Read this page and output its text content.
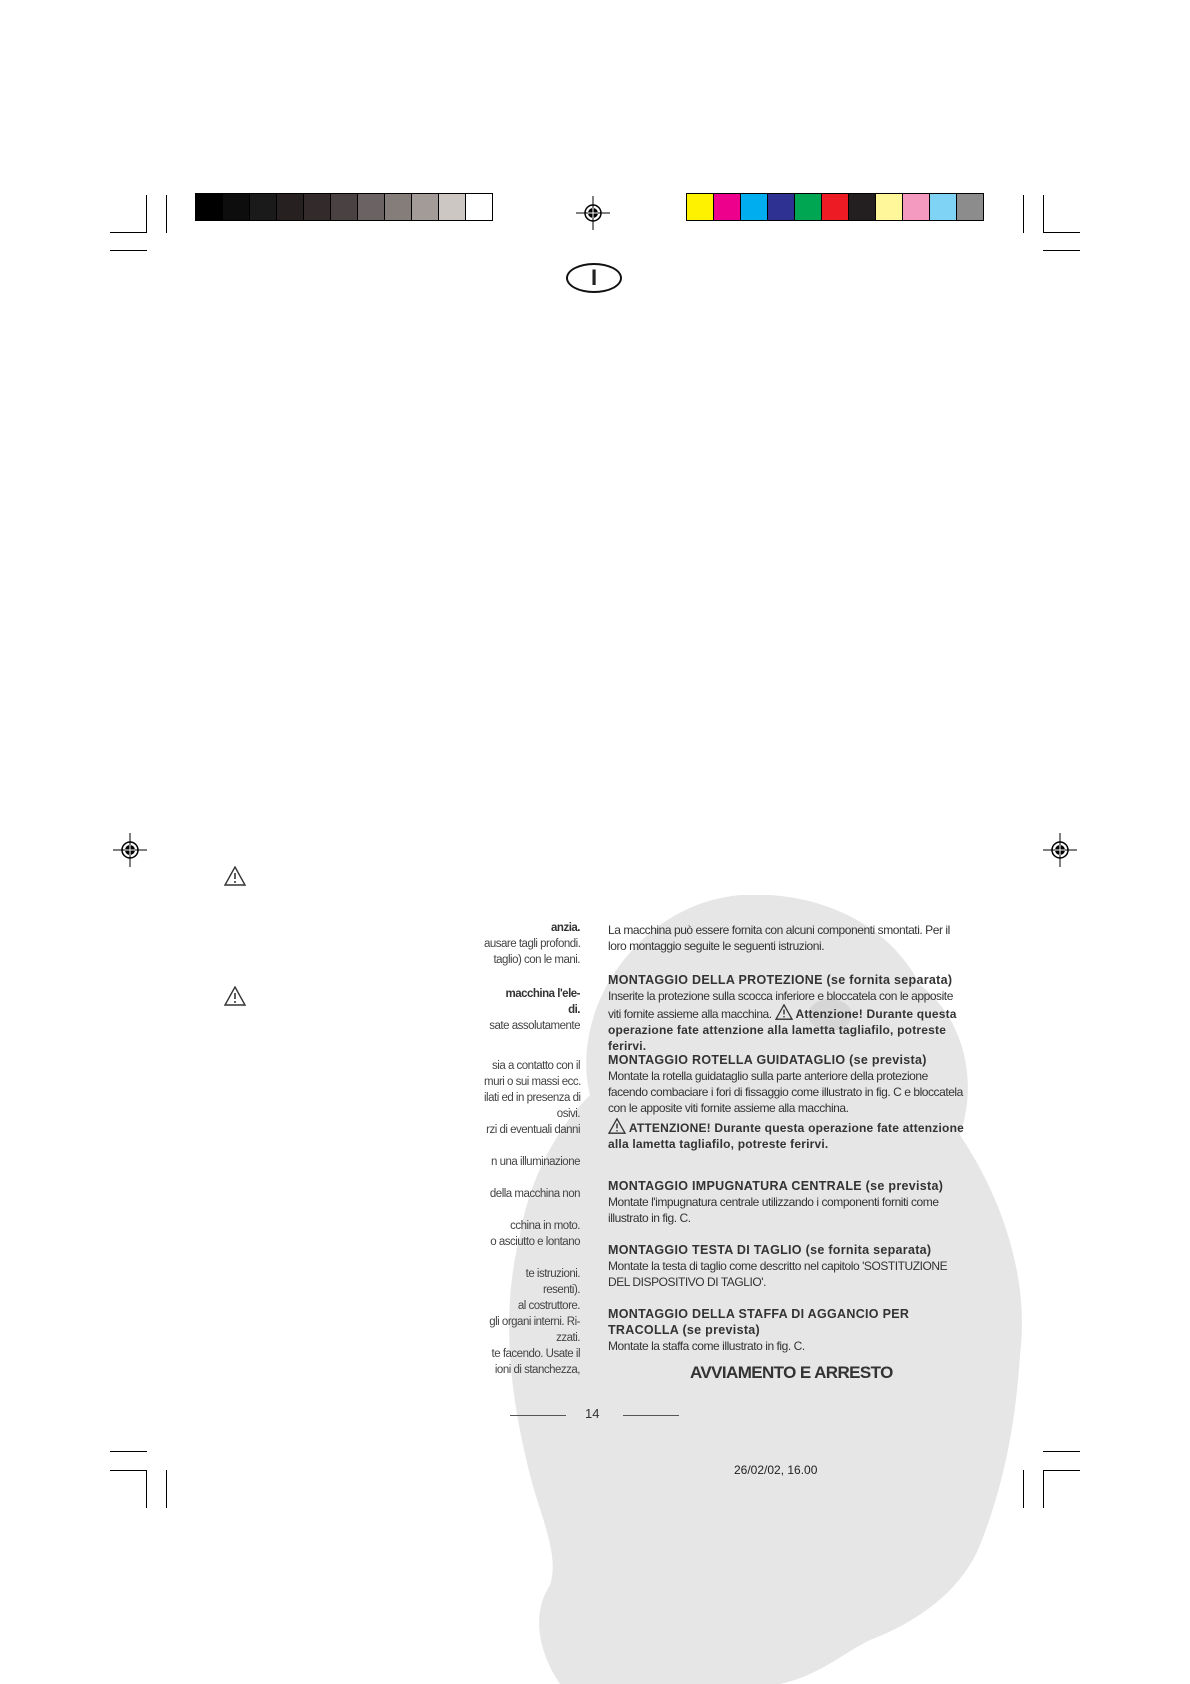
I
anzia.
ausare tagli profondi.
taglio) con le mani.
macchina l'ele-
di.
sate assolutamente
sia a contatto con il
muri o sui massi ecc.
ilati ed in presenza di
osivi.
rzi di eventuali danni
n una illuminazione
della macchina non
cchina in moto.
o asciutto e lontano
te istruzioni.
resenti).
al costruttore.
gli organi interni. Ri-
zzati.
te facendo. Usate il
ioni di stanchezza,

La macchina può essere fornita con alcuni componenti smontati. Per il loro montaggio seguite le seguenti istruzioni.

MONTAGGIO DELLA PROTEZIONE (se fornita separata)

Inserite la protezione sulla scocca inferiore e bloccatela con le apposite viti fornite assieme alla macchina. Attenzione! Durante questa operazione fate attenzione alla lametta tagliafilo, potreste ferirvi.

MONTAGGIO ROTELLA GUIDATAGLIO (se prevista)

Montate la rotella guidataglio sulla parte anteriore della protezione facendo combaciare i fori di fissaggio come illustrato in fig. C e bloccatela con le apposite viti fornite assieme alla macchina.

ATTENZIONE! Durante questa operazione fate attenzione alla lametta tagliafilo, potreste ferirvi.

MONTAGGIO IMPUGNATURA CENTRALE (se prevista)

Montate l'impugnatura centrale utilizzando i componenti forniti come illustrato in fig. C.

MONTAGGIO TESTA DI TAGLIO (se fornita separata)

Montate la testa di taglio come descritto nel capitolo 'SOSTITUZIONE DEL DISPOSITIVO DI TAGLIO'.

MONTAGGIO DELLA STAFFA DI AGGANCIO PER TRACOLLA (se prevista)

Montate la staffa come illustrato in fig. C.

AVVIAMENTO E ARRESTO
14
26/02/02, 16.00
